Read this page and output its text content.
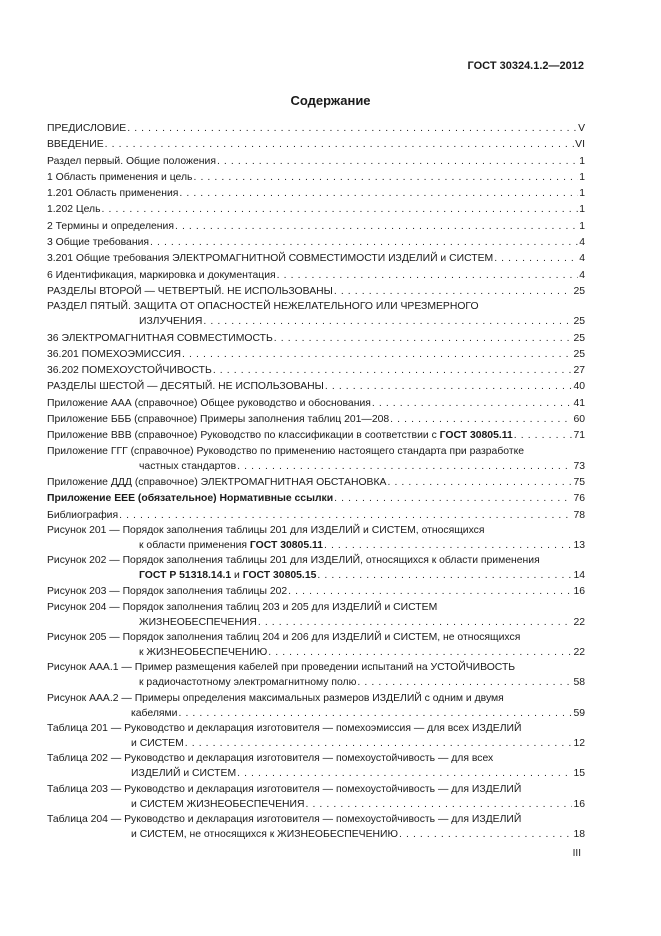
ГОСТ 30324.1.2—2012
Содержание
ПРЕДИСЛОВИЕ . . .	V
ВВЕДЕНИЕ . . .	VI
Раздел первый. Общие положения . . .	1
1 Область применения и цель . . .	1
1.201 Область применения . . .	1
1.202 Цель . . .	1
2 Термины и определения . . .	1
3 Общие требования . . .	4
3.201 Общие требования ЭЛЕКТРОМАГНИТНОЙ СОВМЕСТИМОСТИ ИЗДЕЛИЙ и СИСТЕМ . . .	4
6 Идентификация, маркировка и документация . . .	4
РАЗДЕЛЫ ВТОРОЙ — ЧЕТВЕРТЫЙ. НЕ ИСПОЛЬЗОВАНЫ . . .	25
РАЗДЕЛ ПЯТЫЙ. ЗАЩИТА ОТ ОПАСНОСТЕЙ НЕЖЕЛАТЕЛЬНОГО ИЛИ ЧРЕЗМЕРНОГО
ИЗЛУЧЕНИЯ . . .	25
36 ЭЛЕКТРОМАГНИТНАЯ СОВМЕСТИМОСТЬ . . .	25
36.201 ПОМЕХОЭМИССИЯ . . .	25
36.202 ПОМЕХОУСТОЙЧИВОСТЬ . . .	27
РАЗДЕЛЫ ШЕСТОЙ — ДЕСЯТЫЙ. НЕ ИСПОЛЬЗОВАНЫ . . .	40
Приложение ААА (справочное) Общее руководство и обоснования . . .	41
Приложение БББ (справочное) Примеры заполнения таблиц 201—208 . . .	60
Приложение ВВВ (справочное) Руководство по классификации в соответствии с ГОСТ 30805.11 . . .	71
Приложение ГГГ (справочное) Руководство по применению настоящего стандарта при разработке
частных стандартов . . .	73
Приложение ДДД (справочное) ЭЛЕКТРОМАГНИТНАЯ ОБСТАНОВКА . . .	75
Приложение ЕЕЕ (обязательное) Нормативные ссылки . . .	76
Библиография . . .	78
Рисунок 201 — Порядок заполнения таблицы 201 для ИЗДЕЛИЙ и СИСТЕМ, относящихся
к области применения ГОСТ 30805.11 . . .	13
Рисунок 202 — Порядок заполнения таблицы 201 для ИЗДЕЛИЙ, относящихся к области применения
ГОСТ Р 51318.14.1 и ГОСТ 30805.15 . . .	14
Рисунок 203 — Порядок заполнения таблицы 202 . . .	16
Рисунок 204 — Порядок заполнения таблиц 203 и 205 для ИЗДЕЛИЙ и СИСТЕМ
ЖИЗНЕОБЕСПЕЧЕНИЯ . . .	22
Рисунок 205 — Порядок заполнения таблиц 204 и 206 для ИЗДЕЛИЙ и СИСТЕМ, не относящихся
к ЖИЗНЕОБЕСПЕЧЕНИЮ . . .	22
Рисунок ААА.1 — Пример размещения кабелей при проведении испытаний на УСТОЙЧИВОСТЬ
к радиочастотному электромагнитному полю . . .	58
Рисунок ААА.2 — Примеры определения максимальных размеров ИЗДЕЛИЙ с одним и двумя
кабелями . . .	59
Таблица 201 — Руководство и декларация изготовителя — помехоэмиссия — для всех ИЗДЕЛИЙ
и СИСТЕМ . . .	12
Таблица 202 — Руководство и декларация изготовителя — помехоустойчивость — для всех
ИЗДЕЛИЙ и СИСТЕМ . . .	15
Таблица 203 — Руководство и декларация изготовителя — помехоустойчивость — для ИЗДЕЛИЙ
и СИСТЕМ ЖИЗНЕОБЕСПЕЧЕНИЯ . . .	16
Таблица 204 — Руководство и декларация изготовителя — помехоустойчивость — для ИЗДЕЛИЙ
и СИСТЕМ, не относящихся к ЖИЗНЕОБЕСПЕЧЕНИЮ . . .	18
III
